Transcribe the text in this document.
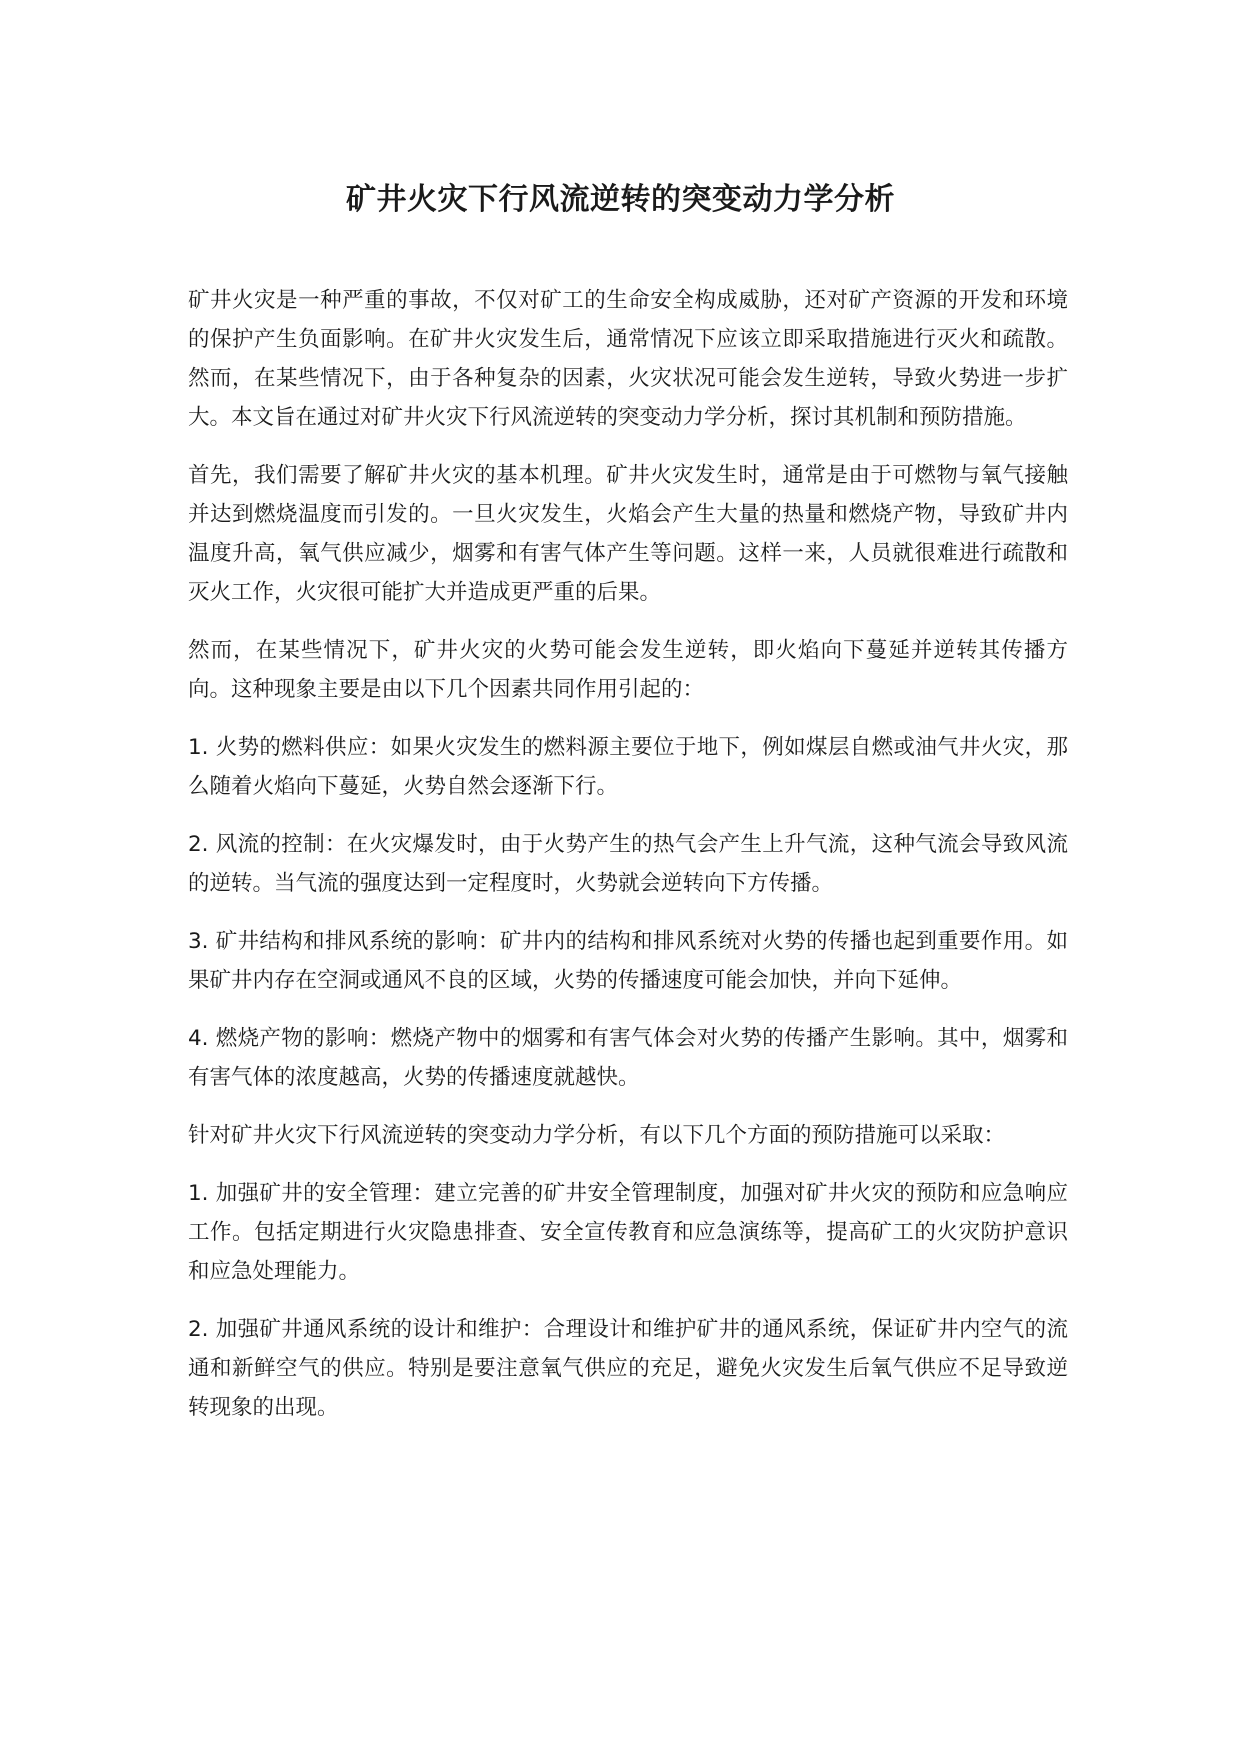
矿井火灾下行风流逆转的突变动力学分析

矿井火灾是一种严重的事故，不仅对矿工的生命安全构成威胁，还对矿产资源的开发和环境的保护产生负面影响。在矿井火灾发生后，通常情况下应该立即采取措施进行灭火和疏散。然而，在某些情况下，由于各种复杂的因素，火灾状况可能会发生逆转，导致火势进一步扩大。本文旨在通过对矿井火灾下行风流逆转的突变动力学分析，探讨其机制和预防措施。

首先，我们需要了解矿井火灾的基本机理。矿井火灾发生时，通常是由于可燃物与氧气接触并达到燃烧温度而引发的。一旦火灾发生，火焰会产生大量的热量和燃烧产物，导致矿井内温度升高，氧气供应减少，烟雾和有害气体产生等问题。这样一来，人员就很难进行疏散和灭火工作，火灾很可能扩大并造成更严重的后果。

然而，在某些情况下，矿井火灾的火势可能会发生逆转，即火焰向下蔓延并逆转其传播方向。这种现象主要是由以下几个因素共同作用引起的：

1. 火势的燃料供应：如果火灾发生的燃料源主要位于地下，例如煤层自燃或油气井火灾，那么随着火焰向下蔓延，火势自然会逐渐下行。

2. 风流的控制：在火灾爆发时，由于火势产生的热气会产生上升气流，这种气流会导致风流的逆转。当气流的强度达到一定程度时，火势就会逆转向下方传播。

3. 矿井结构和排风系统的影响：矿井内的结构和排风系统对火势的传播也起到重要作用。如果矿井内存在空洞或通风不良的区域，火势的传播速度可能会加快，并向下延伸。

4. 燃烧产物的影响：燃烧产物中的烟雾和有害气体会对火势的传播产生影响。其中，烟雾和有害气体的浓度越高，火势的传播速度就越快。

针对矿井火灾下行风流逆转的突变动力学分析，有以下几个方面的预防措施可以采取：

1. 加强矿井的安全管理：建立完善的矿井安全管理制度，加强对矿井火灾的预防和应急响应工作。包括定期进行火灾隐患排查、安全宣传教育和应急演练等，提高矿工的火灾防护意识和应急处理能力。

2. 加强矿井通风系统的设计和维护：合理设计和维护矿井的通风系统，保证矿井内空气的流通和新鲜空气的供应。特别是要注意氧气供应的充足，避免火灾发生后氧气供应不足导致逆转现象的出现。
